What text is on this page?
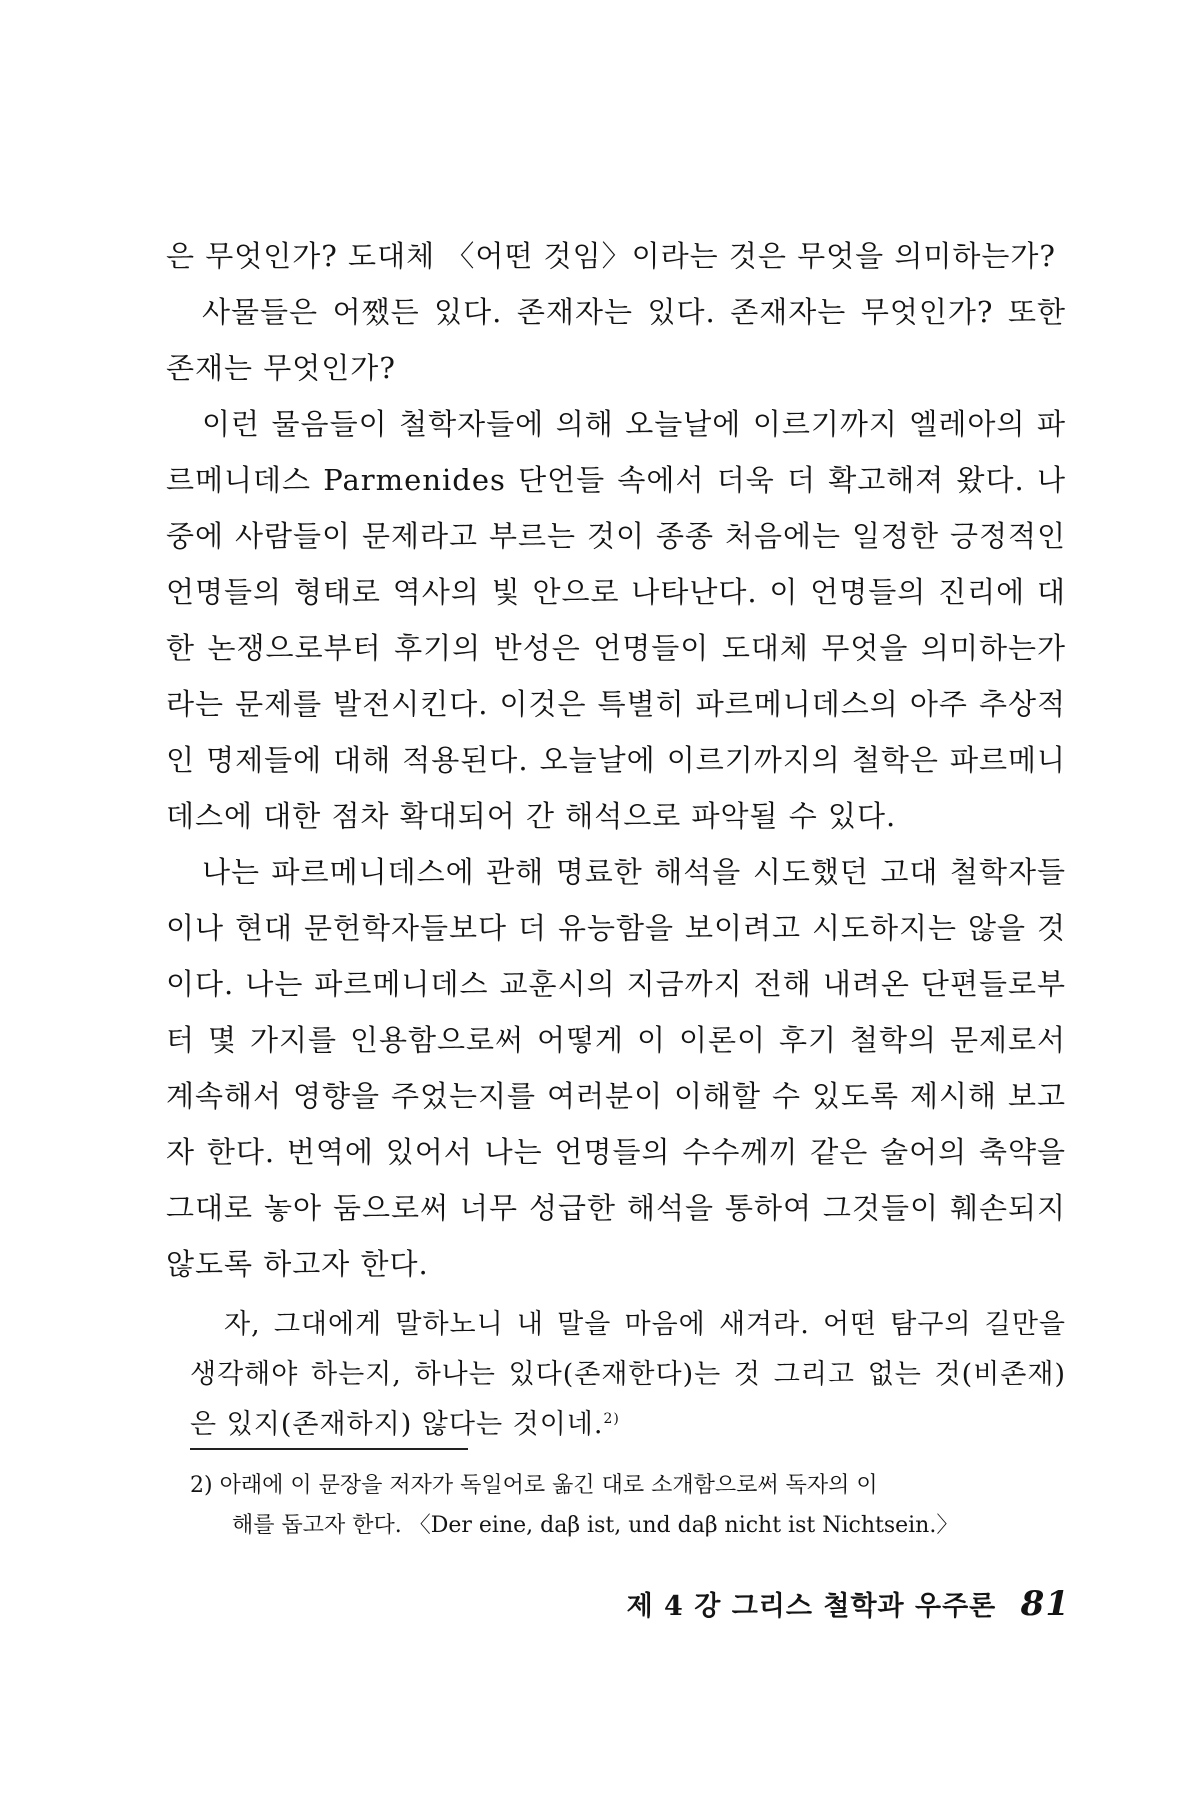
은 무엇인가? 도대체 〈어떤 것임〉이라는 것은 무엇을 의미하는가?

사물들은 어쨌든 있다. 존재자는 있다. 존재자는 무엇인가? 또한 존재는 무엇인가?

이런 물음들이 철학자들에 의해 오늘날에 이르기까지 엘레아의 파르메니데스 Parmenides 단언들 속에서 더욱 더 확고해져 왔다. 나중에 사람들이 문제라고 부르는 것이 종종 처음에는 일정한 긍정적인 언명들의 형태로 역사의 빛 안으로 나타난다. 이 언명들의 진리에 대한 논쟁으로부터 후기의 반성은 언명들이 도대체 무엇을 의미하는가라는 문제를 발전시킨다. 이것은 특별히 파르메니데스의 아주 추상적인 명제들에 대해 적용된다. 오늘날에 이르기까지의 철학은 파르메니데스에 대한 점차 확대되어 간 해석으로 파악될 수 있다.

나는 파르메니데스에 관해 명료한 해석을 시도했던 고대 철학자들이나 현대 문헌학자들보다 더 유능함을 보이려고 시도하지는 않을 것이다. 나는 파르메니데스 교훈시의 지금까지 전해 내려온 단편들로부터 몇 가지를 인용함으로써 어떻게 이 이론이 후기 철학의 문제로서 계속해서 영향을 주었는지를 여러분이 이해할 수 있도록 제시해 보고자 한다. 번역에 있어서 나는 언명들의 수수께끼 같은 술어의 축약을 그대로 놓아 둠으로써 너무 성급한 해석을 통하여 그것들이 훼손되지 않도록 하고자 한다.

자, 그대에게 말하노니 내 말을 마음에 새겨라. 어떤 탐구의 길만을 생각해야 하는지, 하나는 있다(존재한다)는 것 그리고 없는 것(비존재)은 있지(존재하지) 않다는 것이네.$^{2)}$

2) 아래에 이 문장을 저자가 독일어로 옮긴 대로 소개함으로써 독자의 이
해를 돕고자 한다. 〈Der eine, daβ ist, und daβ nicht ist Nichtsein.〉

제 4 강 그리스 철학과 우주론 81
